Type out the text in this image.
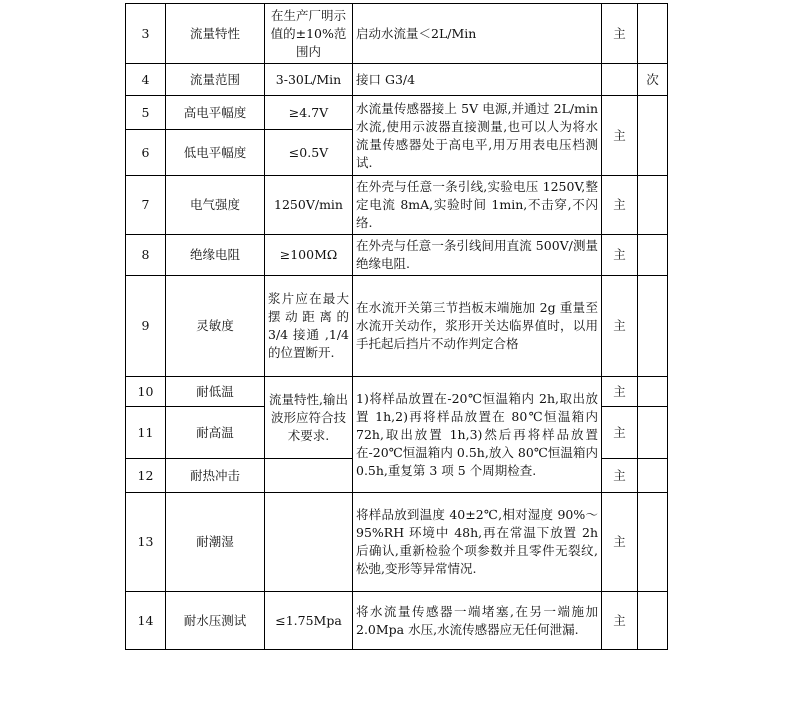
3	流量特性	在生产厂明示值的±10%范围内	启动水流量＜2L/Min	主	
4	流量范围	3-30L/Min	接口 G3/4		次
5	高电平幅度	≥4.7V	水流量传感器接上 5V 电源,并通过 2L/min 水流,使用示波器直接测量,也可以人为将水流量传感器处于高电平,用万用表电压档测试.	主	
6	低电平幅度	≤0.5V			
7	电气强度	1250V/min	在外壳与任意一条引线,实验电压 1250V,整定电流 8mA,实验时间 1min,不击穿,不闪络.	主	
8	绝缘电阻	≥100MΩ	在外壳与任意一条引线间用直流 500V/测量绝缘电阻.	主	
9	灵敏度	浆片应在最大摆动距离的 3/4 接通 ,1/4 的位置断开.	在水流开关第三节挡板末端施加 2g 重量至水流开关动作，浆形开关达临界值时，以用手托起后挡片不动作判定合格	主	
10	耐低温	流量特性,输出波形应符合技术要求.	1)将样品放置在-20℃恒温箱内 2h,取出放置 1h,2)再将样品放置在 80℃恒温箱内 72h,取出放置 1h,3)然后再将样品放置在-20℃恒温箱内 0.5h,放入 80℃恒温箱内 0.5h,重复第 3 项 5 个周期检查.	主	
11	耐高温			主	
12	耐热冲击			主	
13	耐潮湿		将样品放到温度 40±2℃,相对湿度 90%～95%RH 环境中 48h,再在常温下放置 2h 后确认,重新检验个项参数并且零件无裂纹,松弛,变形等异常情况.	主	
14	耐水压测试	≤1.75Mpa	将水流量传感器一端堵塞,在另一端施加 2.0Mpa 水压,水流传感器应无任何泄漏.	主	
